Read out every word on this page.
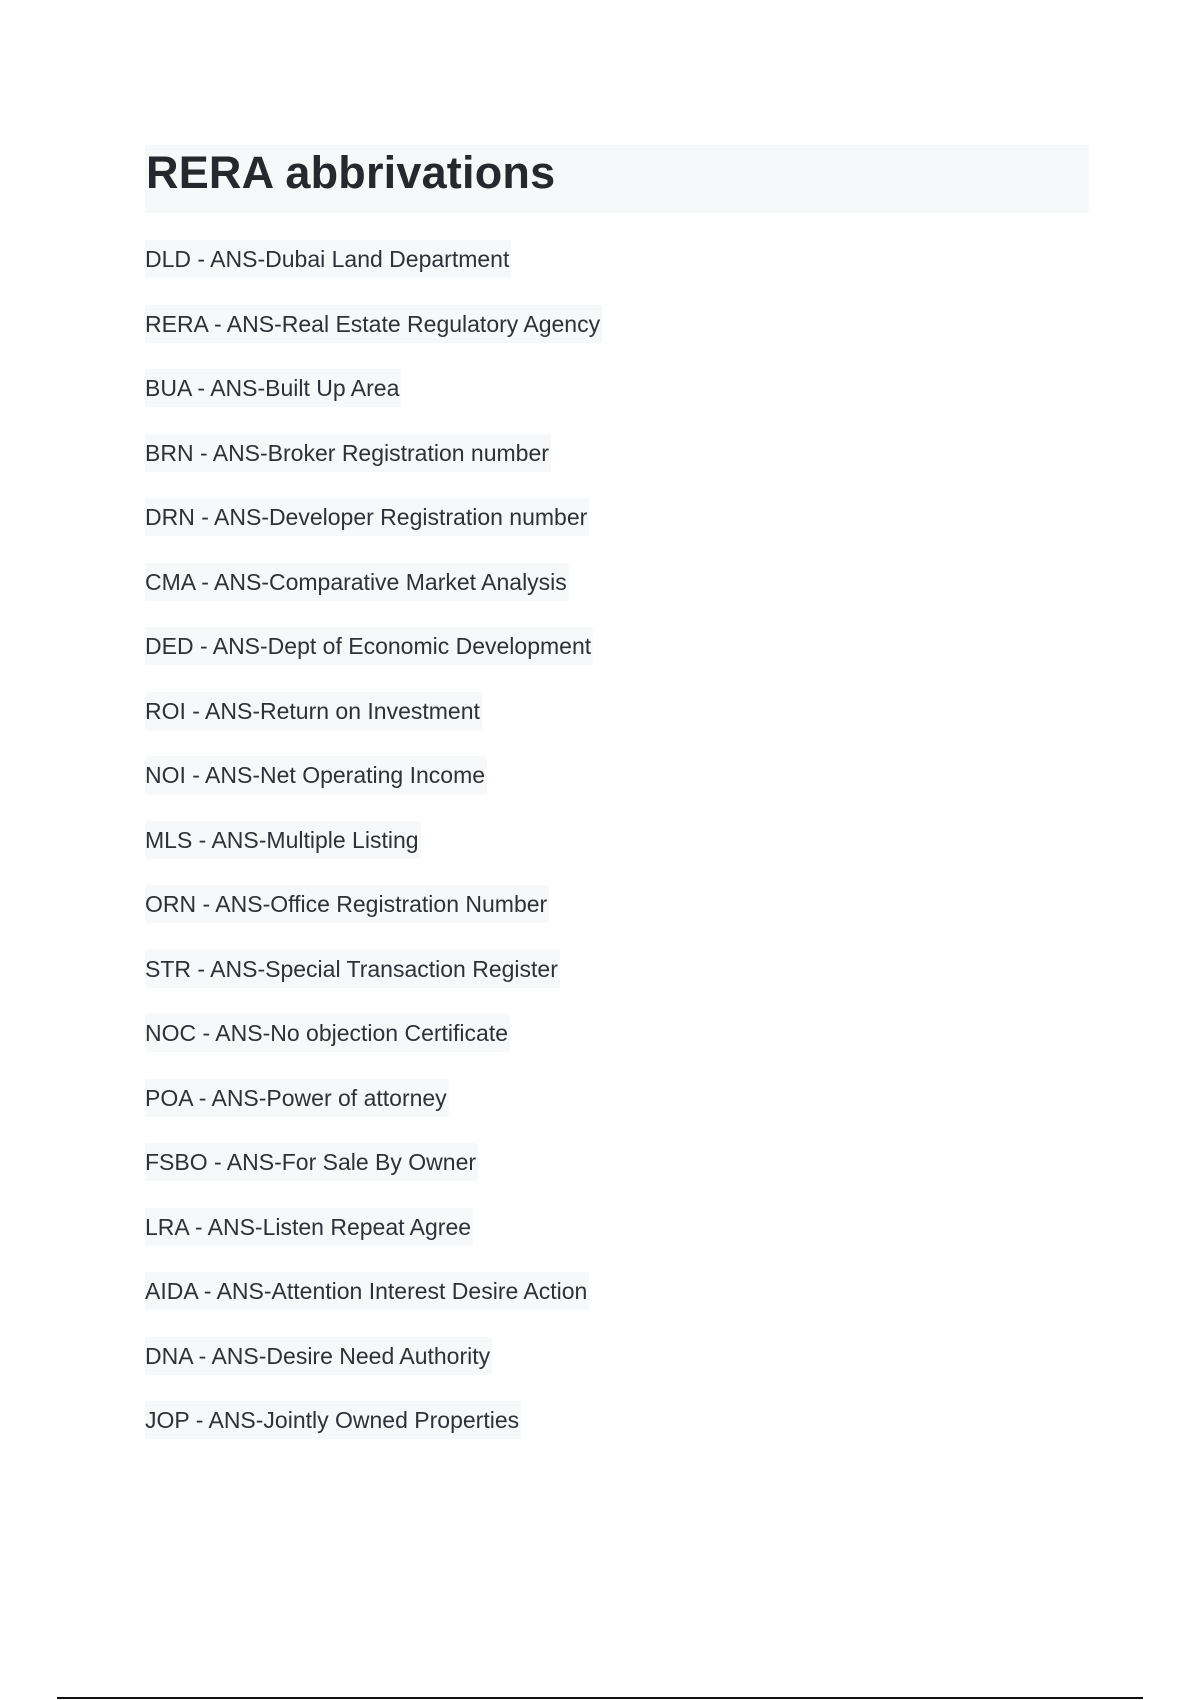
RERA abbrivations
DLD - ANS-Dubai Land Department
RERA - ANS-Real Estate Regulatory Agency
BUA - ANS-Built Up Area
BRN - ANS-Broker Registration number
DRN - ANS-Developer Registration number
CMA - ANS-Comparative Market Analysis
DED - ANS-Dept of Economic Development
ROI - ANS-Return on Investment
NOI - ANS-Net Operating Income
MLS - ANS-Multiple Listing
ORN - ANS-Office Registration Number
STR - ANS-Special Transaction Register
NOC - ANS-No objection Certificate
POA - ANS-Power of attorney
FSBO - ANS-For Sale By Owner
LRA - ANS-Listen Repeat Agree
AIDA - ANS-Attention Interest Desire Action
DNA - ANS-Desire Need Authority
JOP - ANS-Jointly Owned Properties
